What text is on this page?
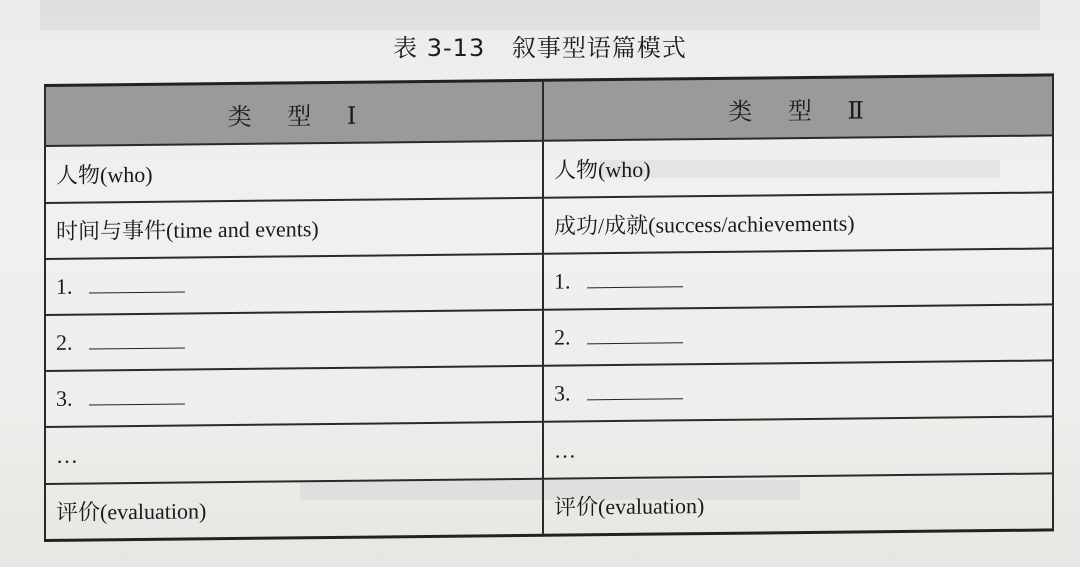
表 3-13 叙事型语篇模式
类 型 Ⅰ	类 型 Ⅱ
人物(who)	人物(who)
时间与事件(time and events)	成功/成就(success/achievements)
1.	1.
2.	2.
3.	3.
…	…
评价(evaluation)	评价(evaluation)
